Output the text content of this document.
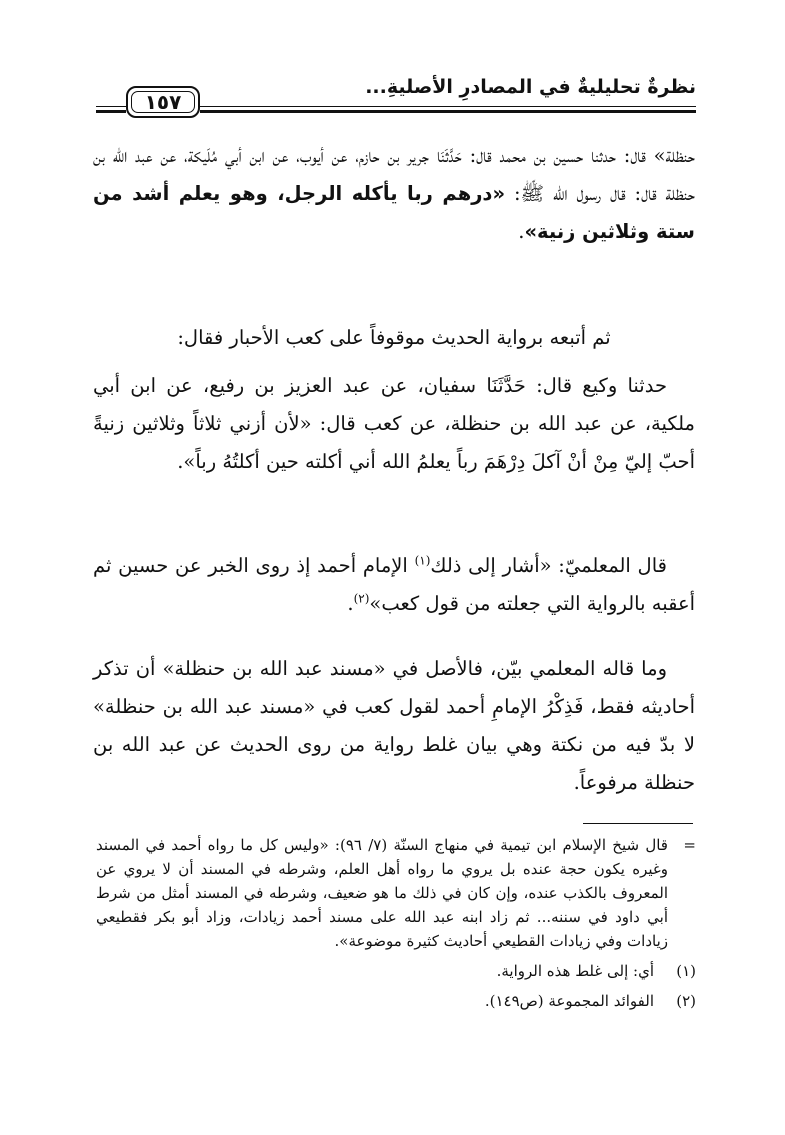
نظرةٌ تحليليةٌ في المصادرِ الأصليةِ...
١٥٧

حنظلة» قال: حدثنا حسين بن محمد قال: حَدَّثَنَا جرير بن حازم، عن أيوب، عن ابن أبي مُلَيكة، عن عبد الله بن حنظلة قال: قال رسول الله ﷺ: «درهم ربا يأكله الرجل، وهو يعلم أشد من ستة وثلاثين زنية».

ثم أتبعه برواية الحديث موقوفاً على كعب الأحبار فقال:

حدثنا وكيع قال: حَدَّثَنَا سفيان، عن عبد العزيز بن رفيع، عن ابن أبي ملكية، عن عبد الله بن حنظلة، عن كعب قال: «لأن أزني ثلاثاً وثلاثين زنيةً أحبّ إليّ مِنْ أنْ آكلَ دِرْهَمَ رباً يعلمُ الله أني أكلته حين أكلتُهُ رباً».

قال المعلميّ: «أشار إلى ذلك$^{(١)}$ الإمام أحمد إذ روى الخبر عن حسين ثم أعقبه بالرواية التي جعلته من قول كعب»$^{(٢)}$.

وما قاله المعلمي بيّن، فالأصل في «مسند عبد الله بن حنظلة» أن تذكر أحاديثه فقط، فَذِكْرُ الإمامِ أحمد لقول كعب في «مسند عبد الله بن حنظلة» لا بدّ فيه من نكتة وهي بيان غلط رواية من روى الحديث عن عبد الله بن حنظلة مرفوعاً.

=
قال شيخ الإسلام ابن تيمية في منهاج السنّة (٧/ ٩٦): «وليس كل ما رواه أحمد في المسند وغيره يكون حجة عنده بل يروي ما رواه أهل العلم، وشرطه في المسند أن لا يروي عن المعروف بالكذب عنده، وإن كان في ذلك ما هو ضعيف، وشرطه في المسند أمثل من شرط أبي داود في سننه... ثم زاد ابنه عبد الله على مسند أحمد زيادات، وزاد أبو بكر فقطيعي زيادات وفي زيادات القطيعي أحاديث كثيرة موضوعة».
(١)
أي: إلى غلط هذه الرواية.
(٢)
الفوائد المجموعة (ص١٤٩).
